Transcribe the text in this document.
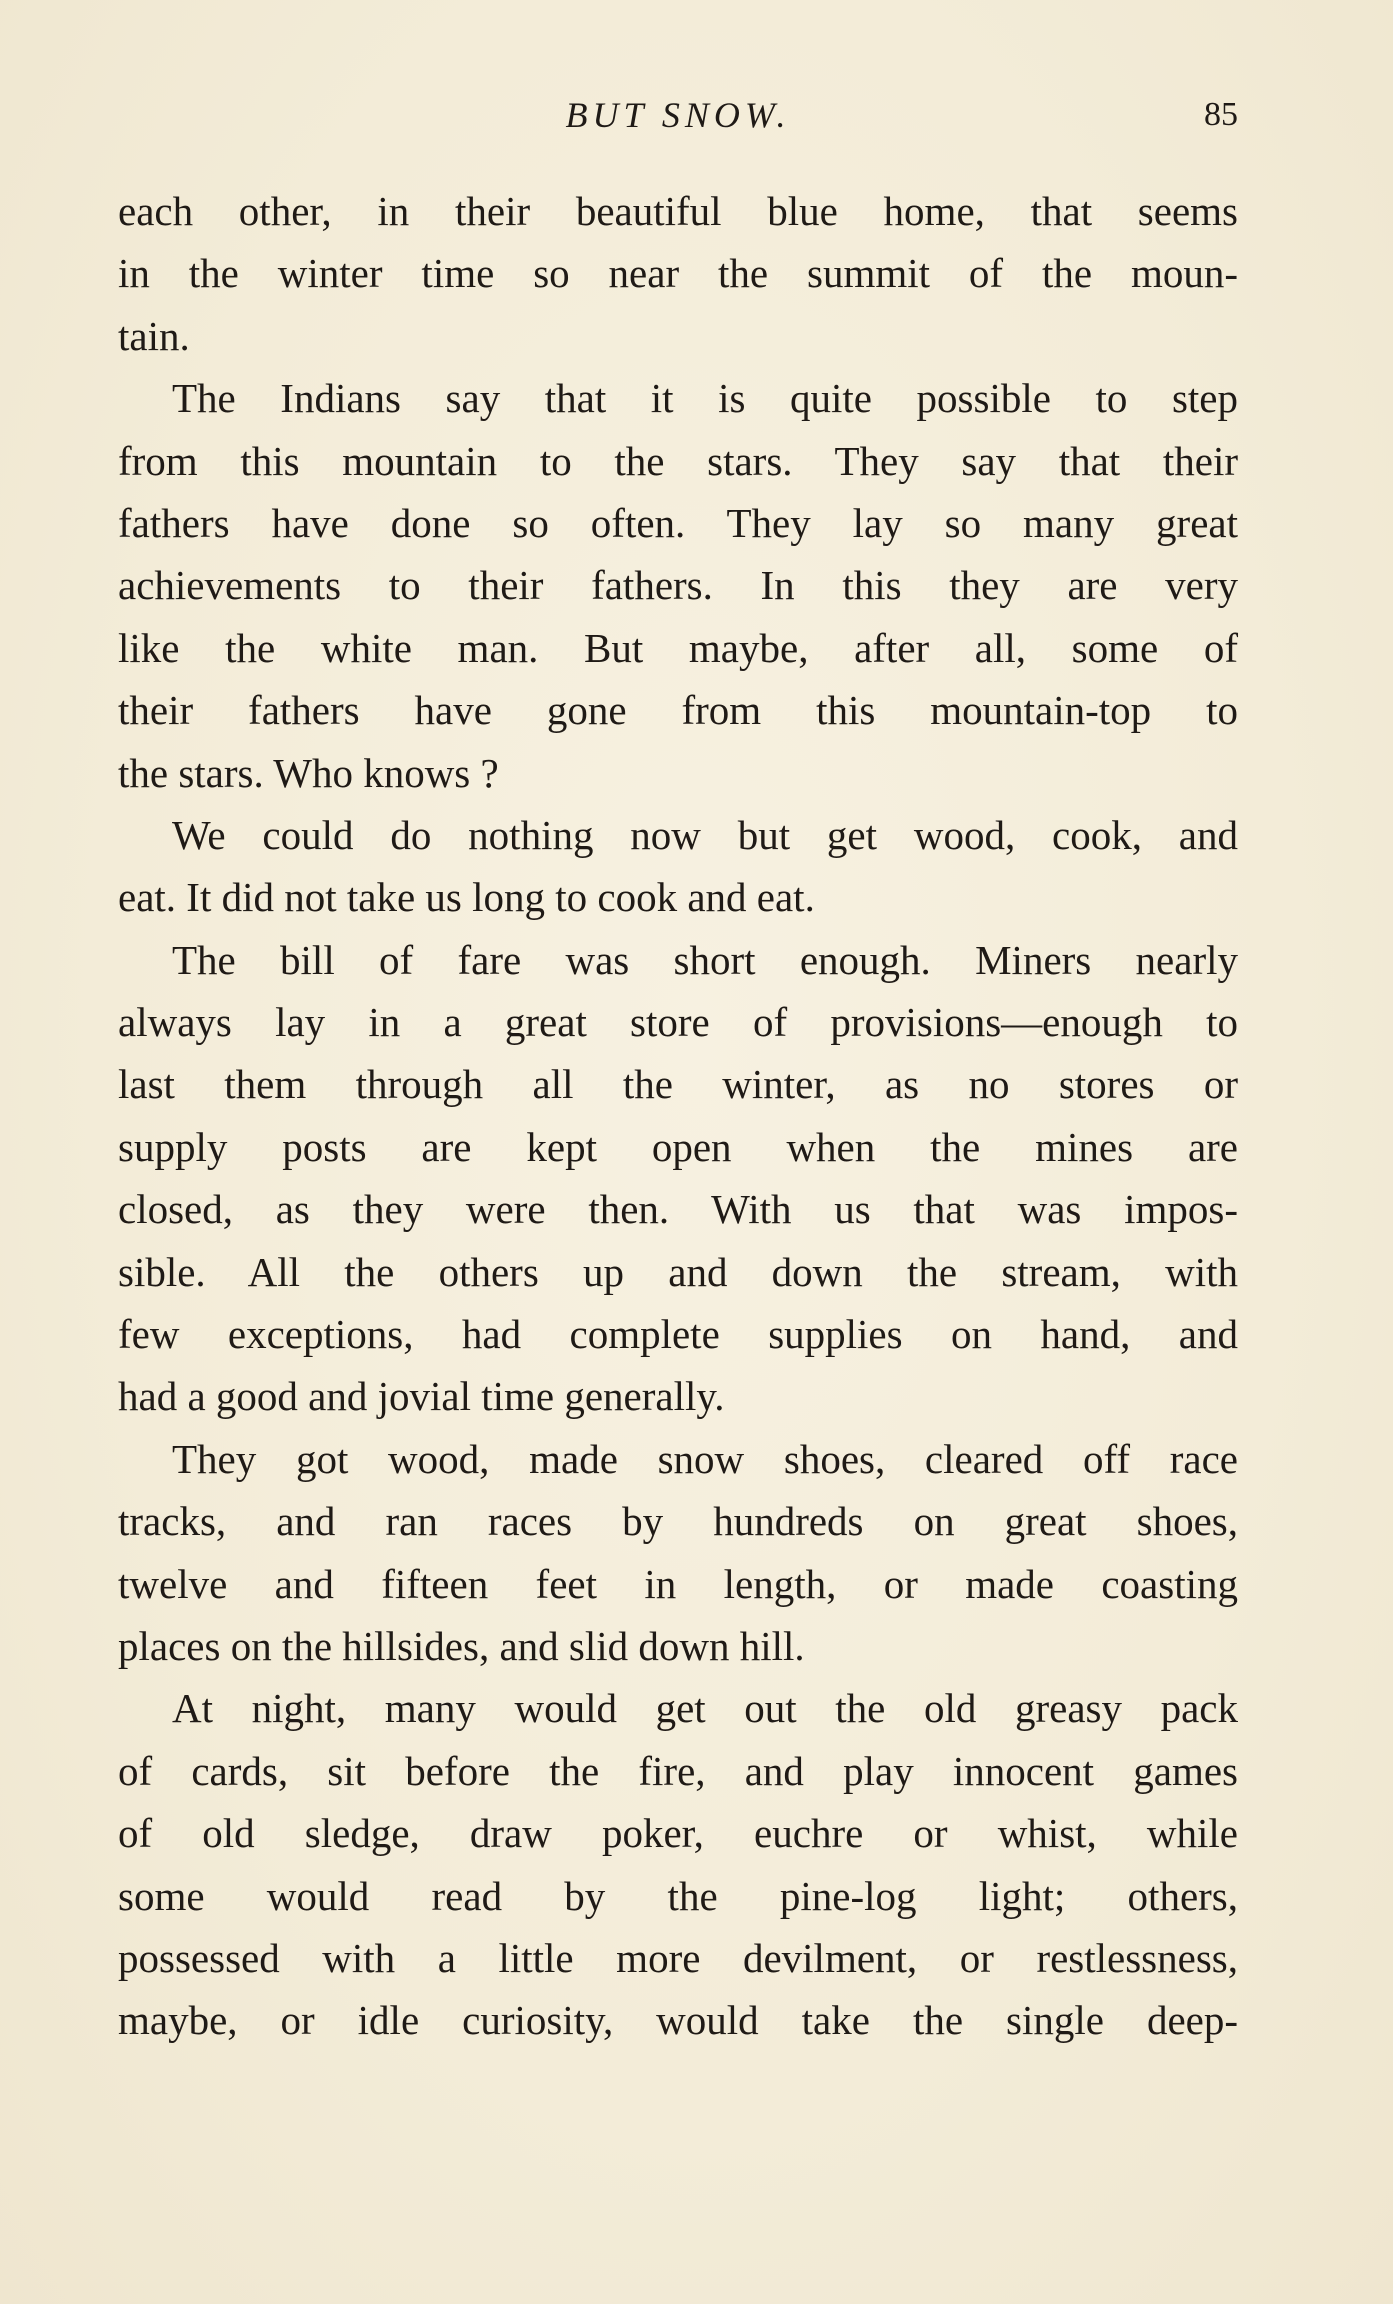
BUT SNOW.	85
each other, in their beautiful blue home, that seems
in the winter time so near the summit of the moun-
tain.
The Indians say that it is quite possible to step
from this mountain to the stars. They say that their
fathers have done so often. They lay so many great
achievements to their fathers. In this they are very
like the white man. But maybe, after all, some of
their fathers have gone from this mountain-top to
the stars. Who knows ?
We could do nothing now but get wood, cook, and
eat. It did not take us long to cook and eat.
The bill of fare was short enough. Miners nearly
always lay in a great store of provisions—enough to
last them through all the winter, as no stores or
supply posts are kept open when the mines are
closed, as they were then. With us that was impos-
sible. All the others up and down the stream, with
few exceptions, had complete supplies on hand, and
had a good and jovial time generally.
They got wood, made snow shoes, cleared off race
tracks, and ran races by hundreds on great shoes,
twelve and fifteen feet in length, or made coasting
places on the hillsides, and slid down hill.
At night, many would get out the old greasy pack
of cards, sit before the fire, and play innocent games
of old sledge, draw poker, euchre or whist, while
some would read by the pine-log light; others,
possessed with a little more devilment, or restlessness,
maybe, or idle curiosity, would take the single deep-
